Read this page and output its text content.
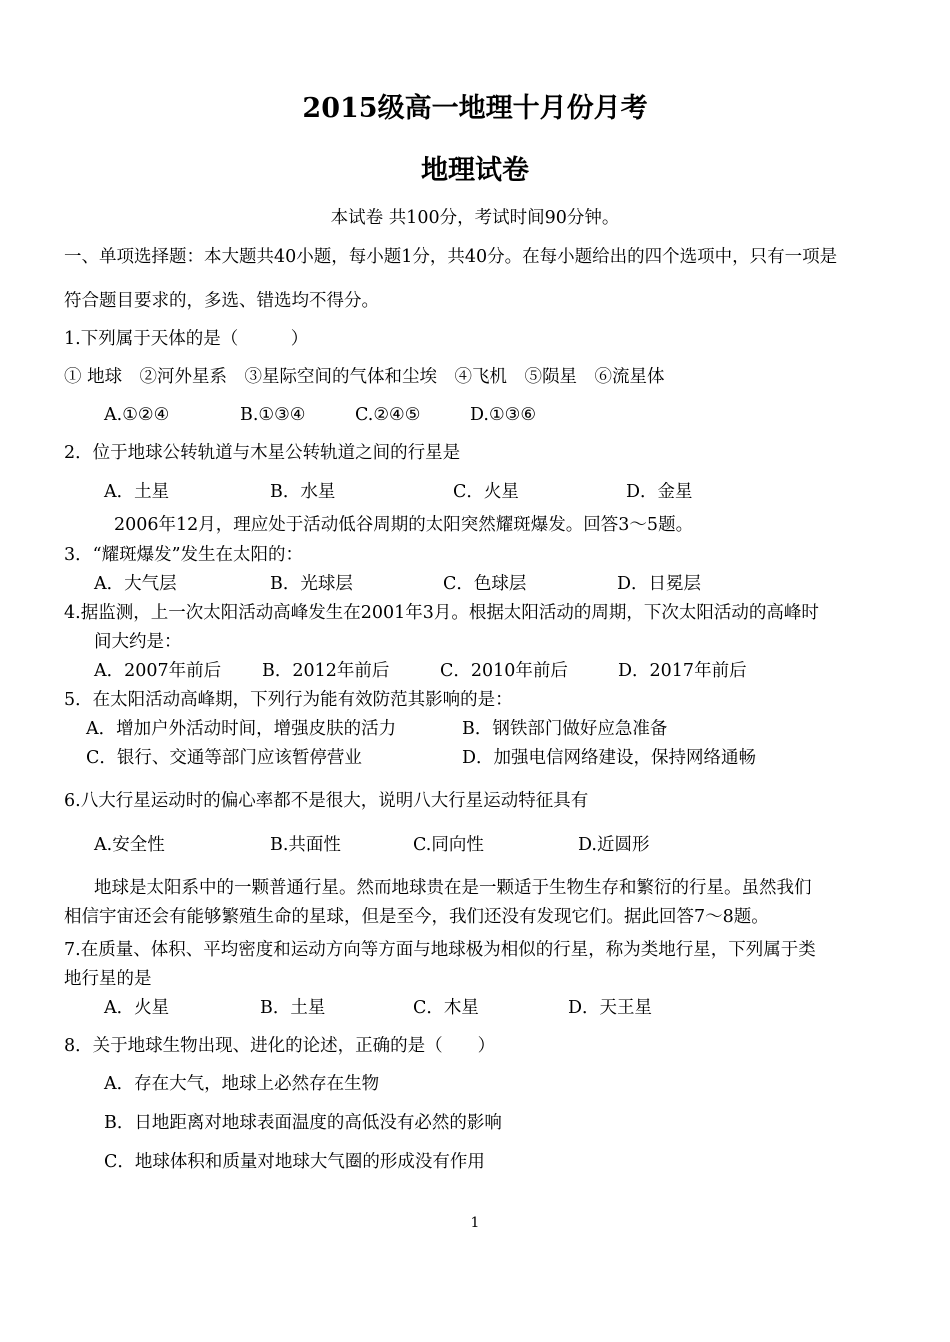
2015级高一地理十月份月考
地理试卷
本试卷 共100分，考试时间90分钟。
一、单项选择题：本大题共40小题，每小题1分，共40分。在每小题给出的四个选项中，只有一项是
符合题目要求的，多选、错选均不得分。
1.下列属于天体的是（　　　）
① 地球　②河外星系　③星际空间的气体和尘埃　④飞机　⑤陨星　⑥流星体
A.①②④	B.①③④	C.②④⑤	D.①③⑥
2．位于地球公转轨道与木星公转轨道之间的行星是
A．土星	B．水星	C．火星	D．金星
2006年12月，理应处于活动低谷周期的太阳突然耀斑爆发。回答3～5题。
3．“耀斑爆发”发生在太阳的：
A．大气层	B．光球层	C．色球层	D．日冕层
4.据监测，上一次太阳活动高峰发生在2001年3月。根据太阳活动的周期，下次太阳活动的高峰时
间大约是：
A．2007年前后 B．2012年前后	C．2010年前后	D．2017年前后
5．在太阳活动高峰期，下列行为能有效防范其影响的是：
A．增加户外活动时间，增强皮肤的活力	B．钢铁部门做好应急准备
C．银行、交通等部门应该暂停营业	D．加强电信网络建设，保持网络通畅
6.八大行星运动时的偏心率都不是很大，说明八大行星运动特征具有
A.安全性	B.共面性	C.同向性	D.近圆形
地球是太阳系中的一颗普通行星。然而地球贵在是一颗适于生物生存和繁衍的行星。虽然我们
相信宇宙还会有能够繁殖生命的星球，但是至今，我们还没有发现它们。据此回答7～8题。
7.在质量、体积、平均密度和运动方向等方面与地球极为相似的行星，称为类地行星，下列属于类
地行星的是
A．火星	B．土星	C．木星	D．天王星
8．关于地球生物出现、进化的论述，正确的是（　　）
A．存在大气，地球上必然存在生物
B．日地距离对地球表面温度的高低没有必然的影响
C．地球体积和质量对地球大气圈的形成没有作用
1
